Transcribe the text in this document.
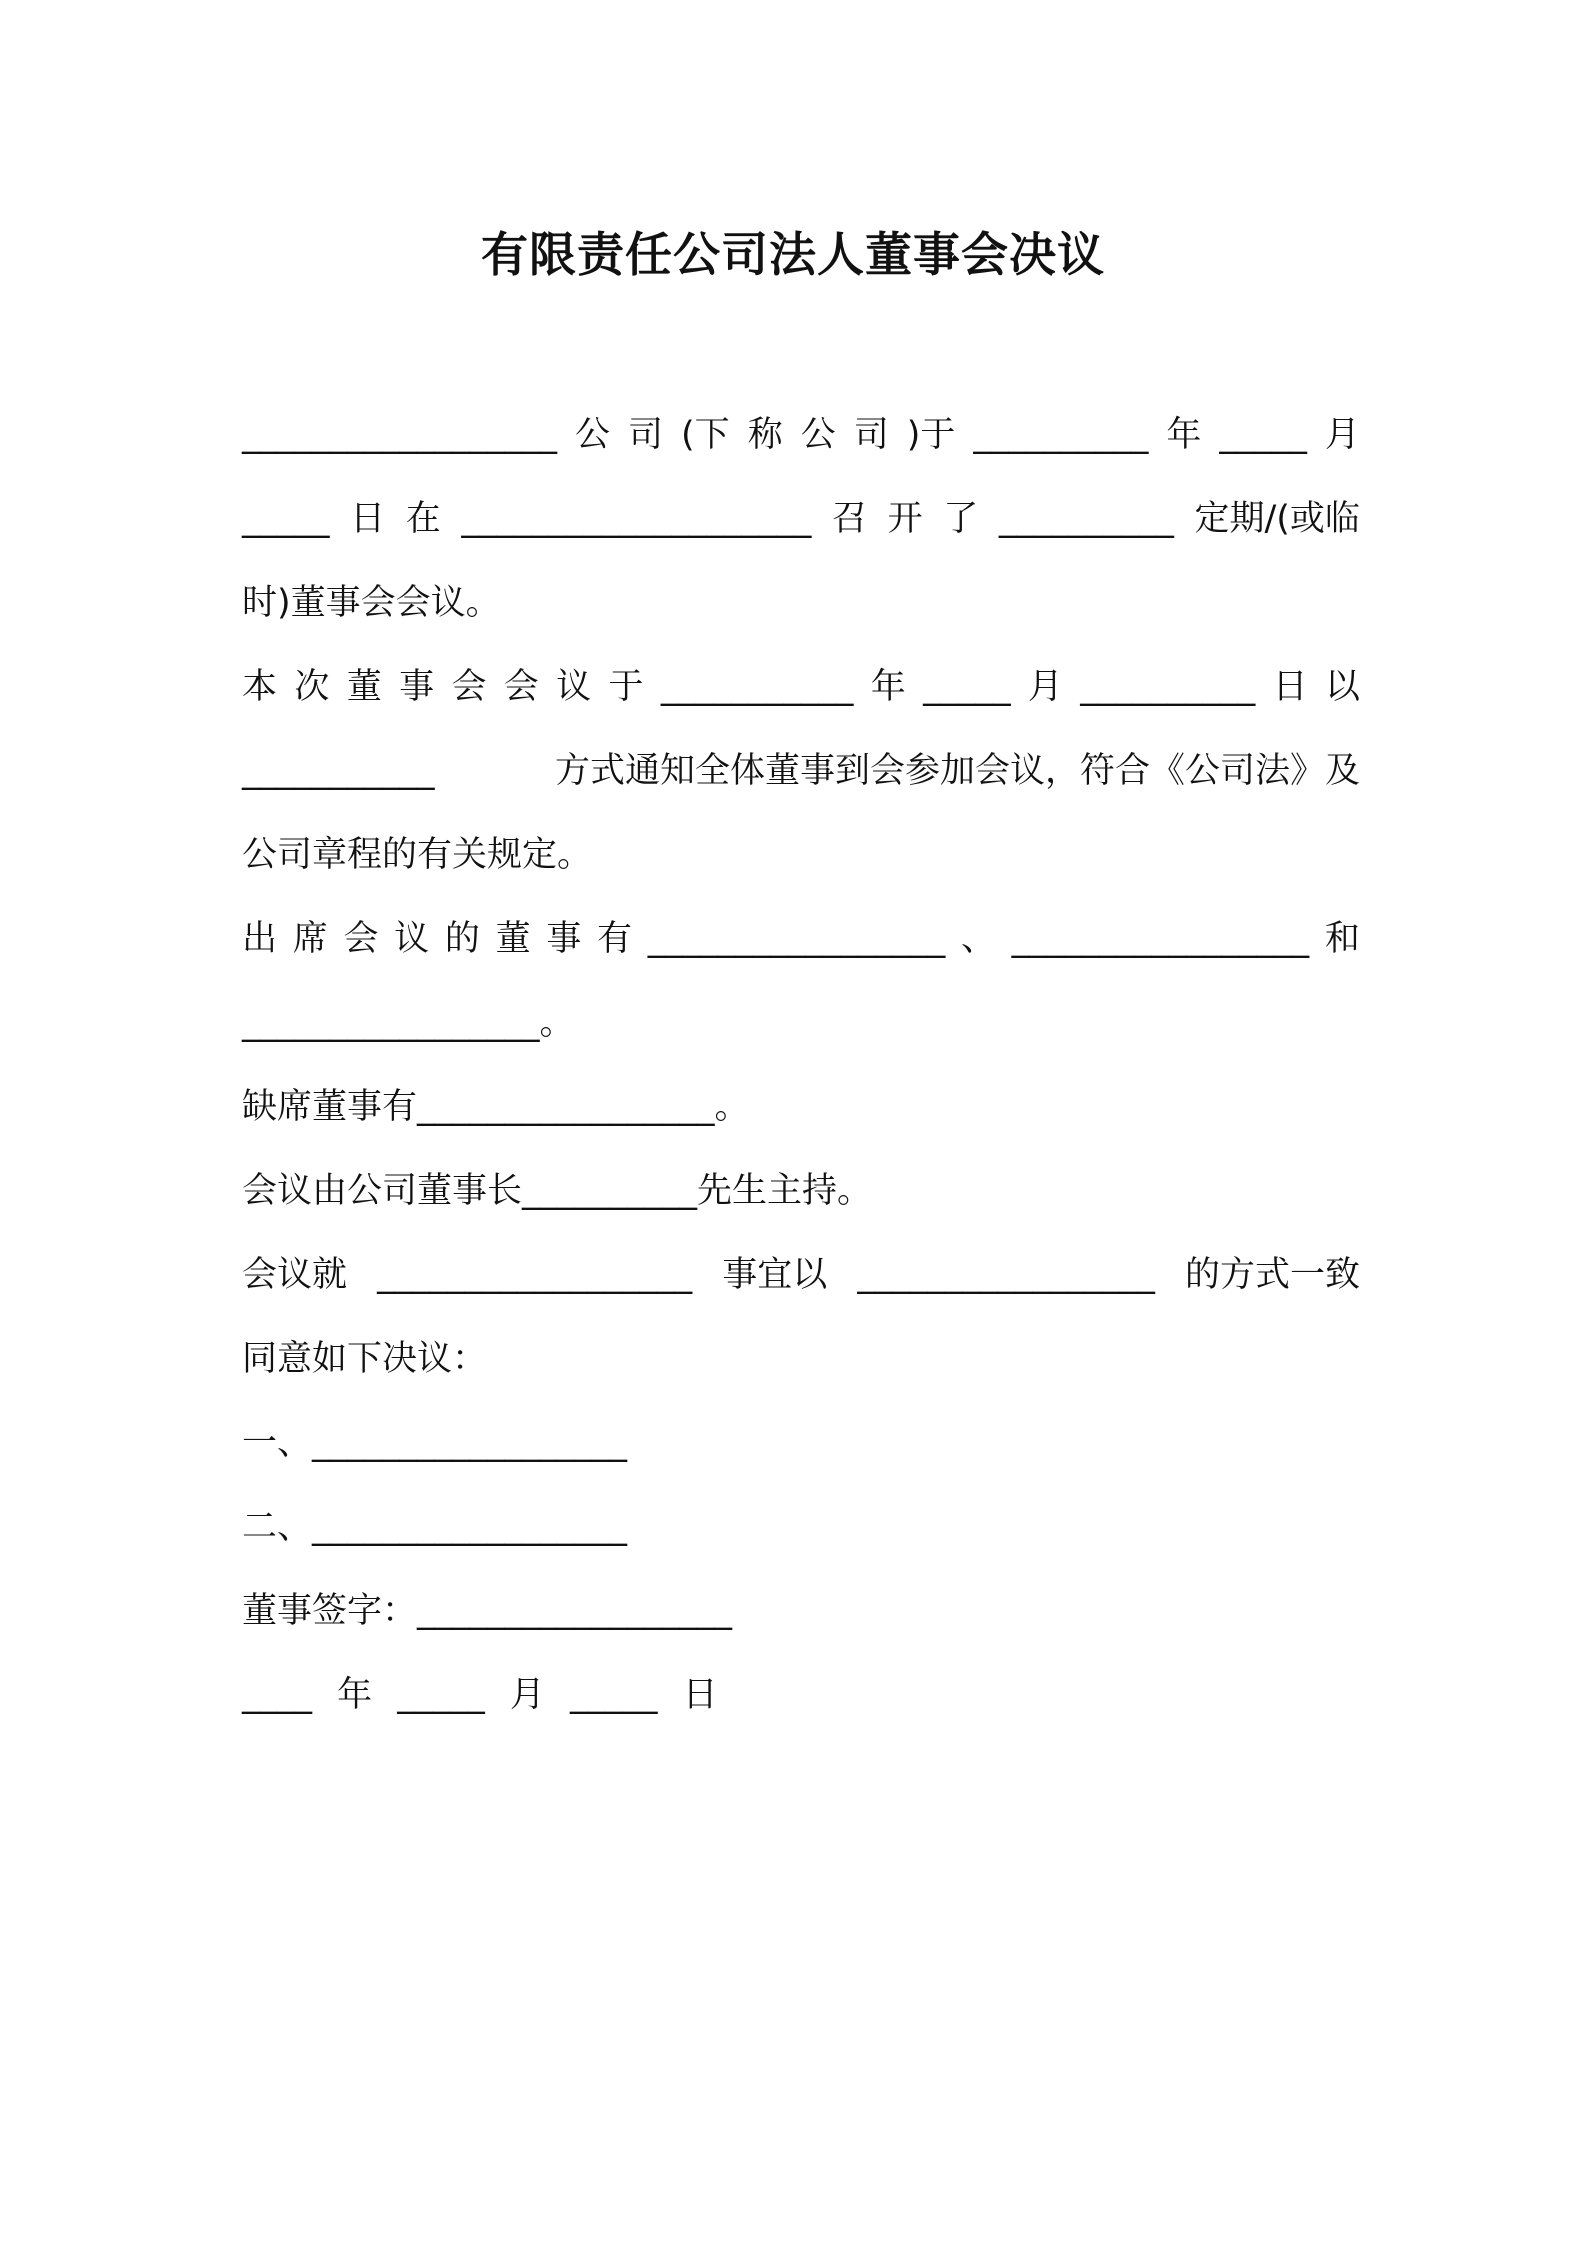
有限责任公司法人董事会决议
__________________ 公 司 (下 称 公 司 )于 __________ 年 _____ 月
_____ 日 在 ____________________ 召 开 了 __________ 定期/(或临
时)董事会会议。
本 次 董 事 会 会 议 于 ___________ 年 _____ 月 __________ 日 以
___________	方式通知全体董事到会参加会议，符合《公司法》及
公司章程的有关规定。
出 席 会 议 的 董 事 有 _________________ 、 _________________ 和
_________________。
缺席董事有_________________。
会议由公司董事长__________先生主持。
会议就 __________________ 事宜以 _________________ 的方式一致
同意如下决议：
一、__________________
二、__________________
董事签字：__________________
____ 年 _____ 月 _____ 日
